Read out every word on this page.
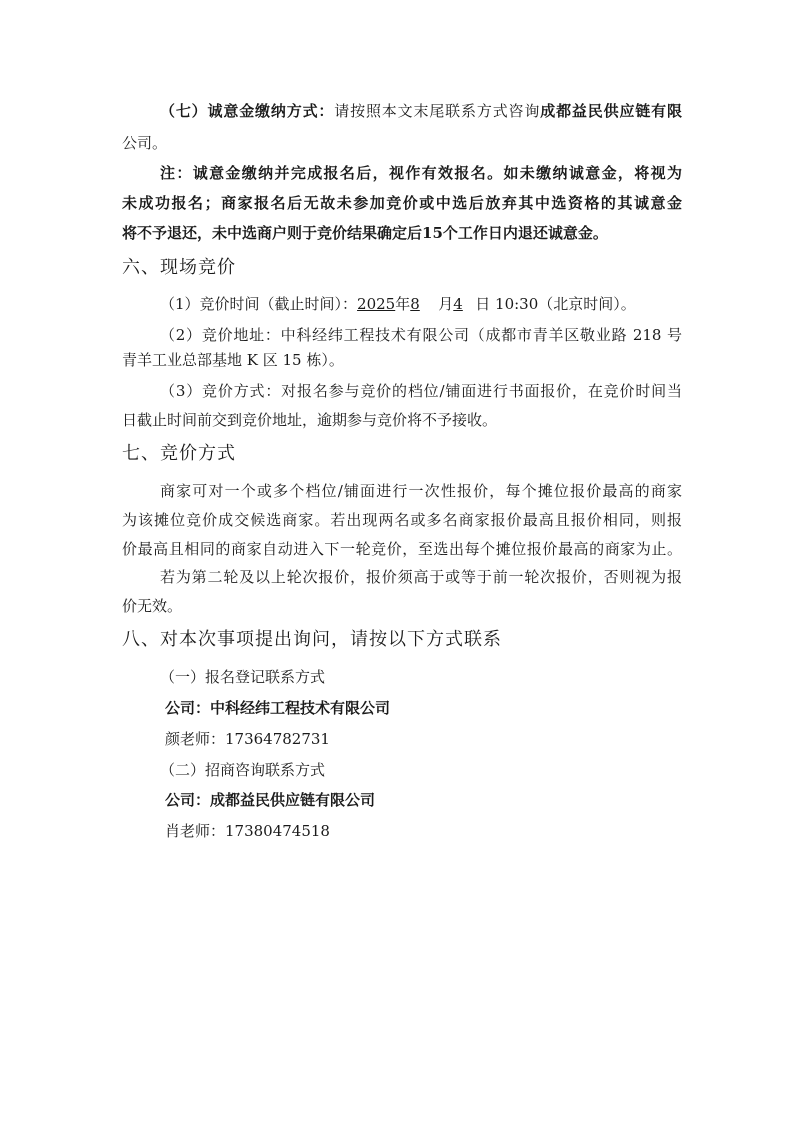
（七）诚意金缴纳方式：请按照本文末尾联系方式咨询成都益民供应链有限
公司。
注：诚意金缴纳并完成报名后，视作有效报名。如未缴纳诚意金，将视为
未成功报名；商家报名后无故未参加竞价或中选后放弃其中选资格的其诚意金
将不予退还，未中选商户则于竞价结果确定后15个工作日内退还诚意金。
六、现场竞价
（1）竞价时间（截止时间）：2025年8 月4 日 10:30（北京时间）。
（2）竞价地址：中科经纬工程技术有限公司（成都市青羊区敬业路 218 号
青羊工业总部基地 K 区 15 栋）。
（3）竞价方式：对报名参与竞价的档位/铺面进行书面报价，在竞价时间当
日截止时间前交到竞价地址，逾期参与竞价将不予接收。
七、竞价方式
商家可对一个或多个档位/铺面进行一次性报价，每个摊位报价最高的商家
为该摊位竞价成交候选商家。若出现两名或多名商家报价最高且报价相同，则报
价最高且相同的商家自动进入下一轮竞价，至选出每个摊位报价最高的商家为止。
若为第二轮及以上轮次报价，报价须高于或等于前一轮次报价，否则视为报
价无效。
八、对本次事项提出询问，请按以下方式联系
（一）报名登记联系方式
公司：中科经纬工程技术有限公司
颜老师：17364782731
（二）招商咨询联系方式
公司：成都益民供应链有限公司
肖老师：17380474518
